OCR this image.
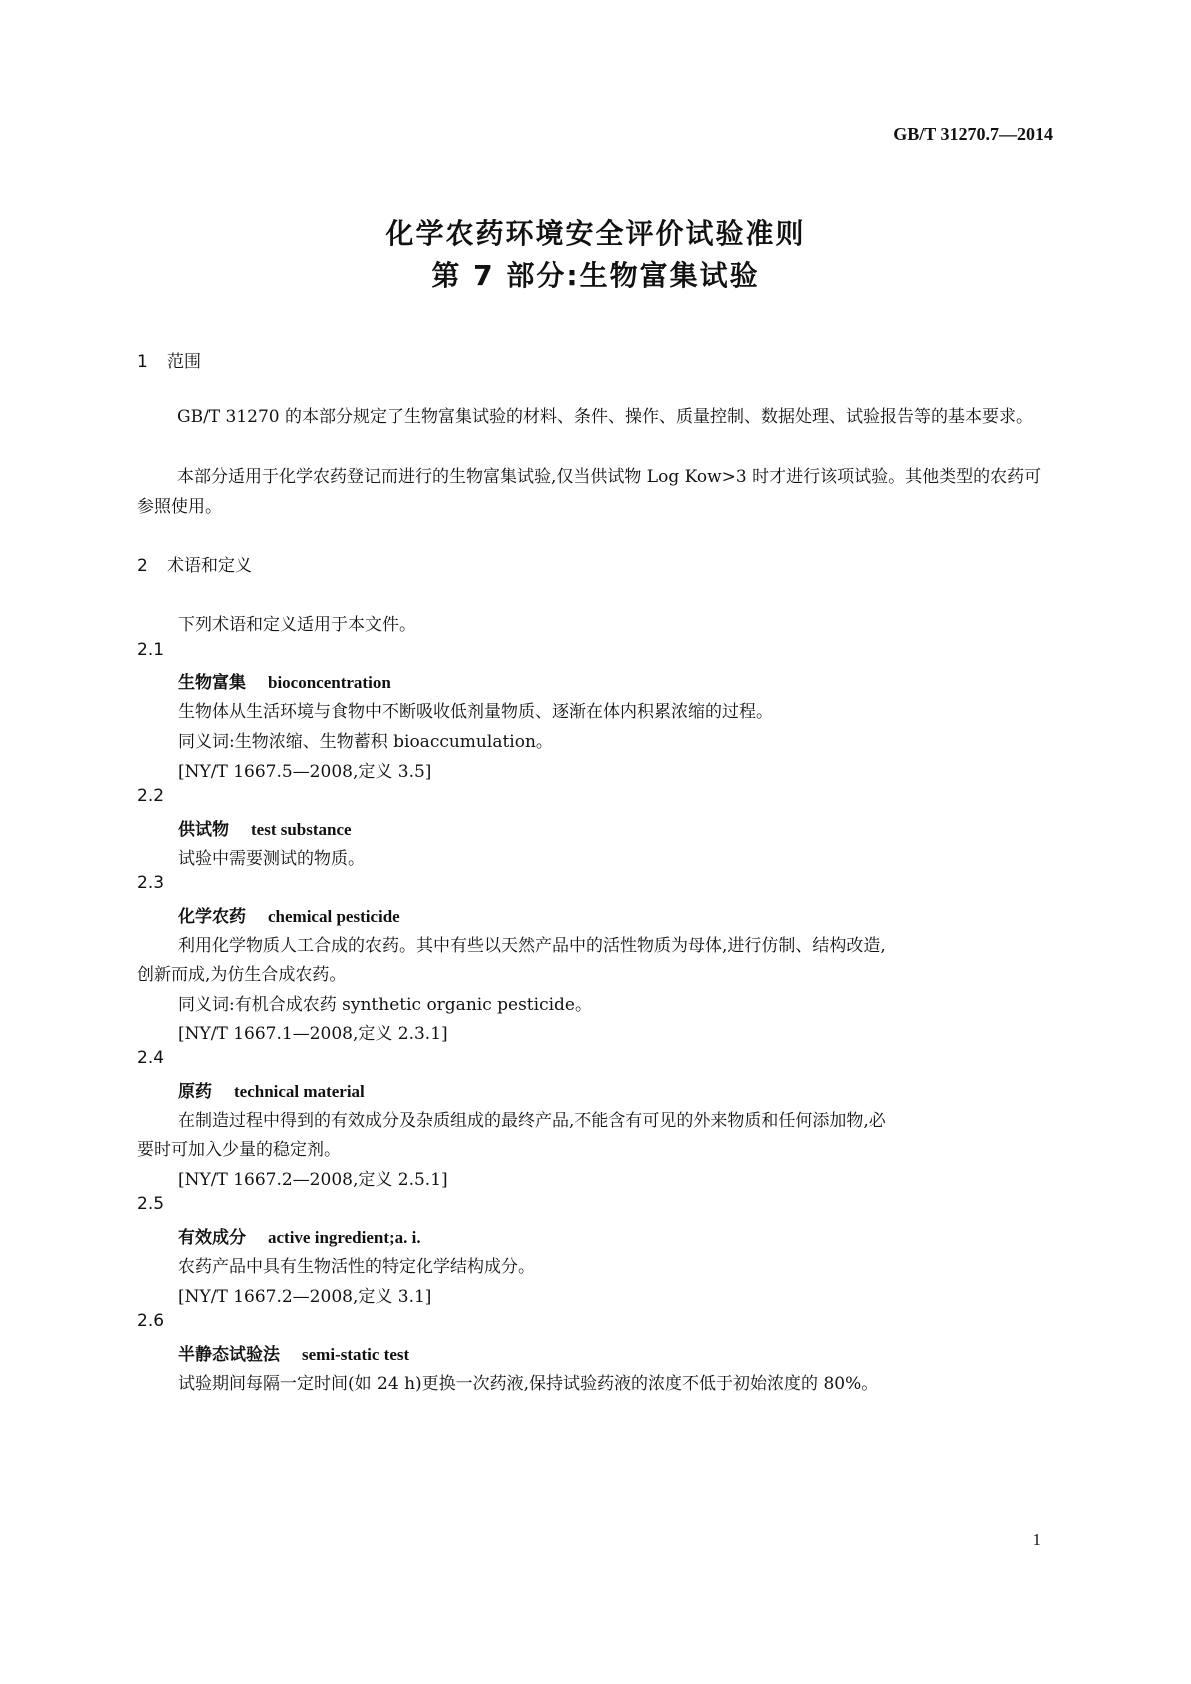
GB/T 31270.7—2014
化学农药环境安全评价试验准则
第 7 部分:生物富集试验
1 范围
GB/T 31270 的本部分规定了生物富集试验的材料、条件、操作、质量控制、数据处理、试验报告等的基本要求。
本部分适用于化学农药登记而进行的生物富集试验,仅当供试物 Log Kow>3 时才进行该项试验。其他类型的农药可参照使用。
2 术语和定义
下列术语和定义适用于本文件。
2.1
生物富集 bioconcentration
生物体从生活环境与食物中不断吸收低剂量物质、逐渐在体内积累浓缩的过程。
同义词:生物浓缩、生物蓄积 bioaccumulation。
[NY/T 1667.5—2008,定义 3.5]
2.2
供试物 test substance
试验中需要测试的物质。
2.3
化学农药 chemical pesticide
利用化学物质人工合成的农药。其中有些以天然产品中的活性物质为母体,进行仿制、结构改造,
创新而成,为仿生合成农药。
同义词:有机合成农药 synthetic organic pesticide。
[NY/T 1667.1—2008,定义 2.3.1]
2.4
原药 technical material
在制造过程中得到的有效成分及杂质组成的最终产品,不能含有可见的外来物质和任何添加物,必
要时可加入少量的稳定剂。
[NY/T 1667.2—2008,定义 2.5.1]
2.5
有效成分 active ingredient;a. i.
农药产品中具有生物活性的特定化学结构成分。
[NY/T 1667.2—2008,定义 3.1]
2.6
半静态试验法 semi-static test
试验期间每隔一定时间(如 24 h)更换一次药液,保持试验药液的浓度不低于初始浓度的 80%。
1
